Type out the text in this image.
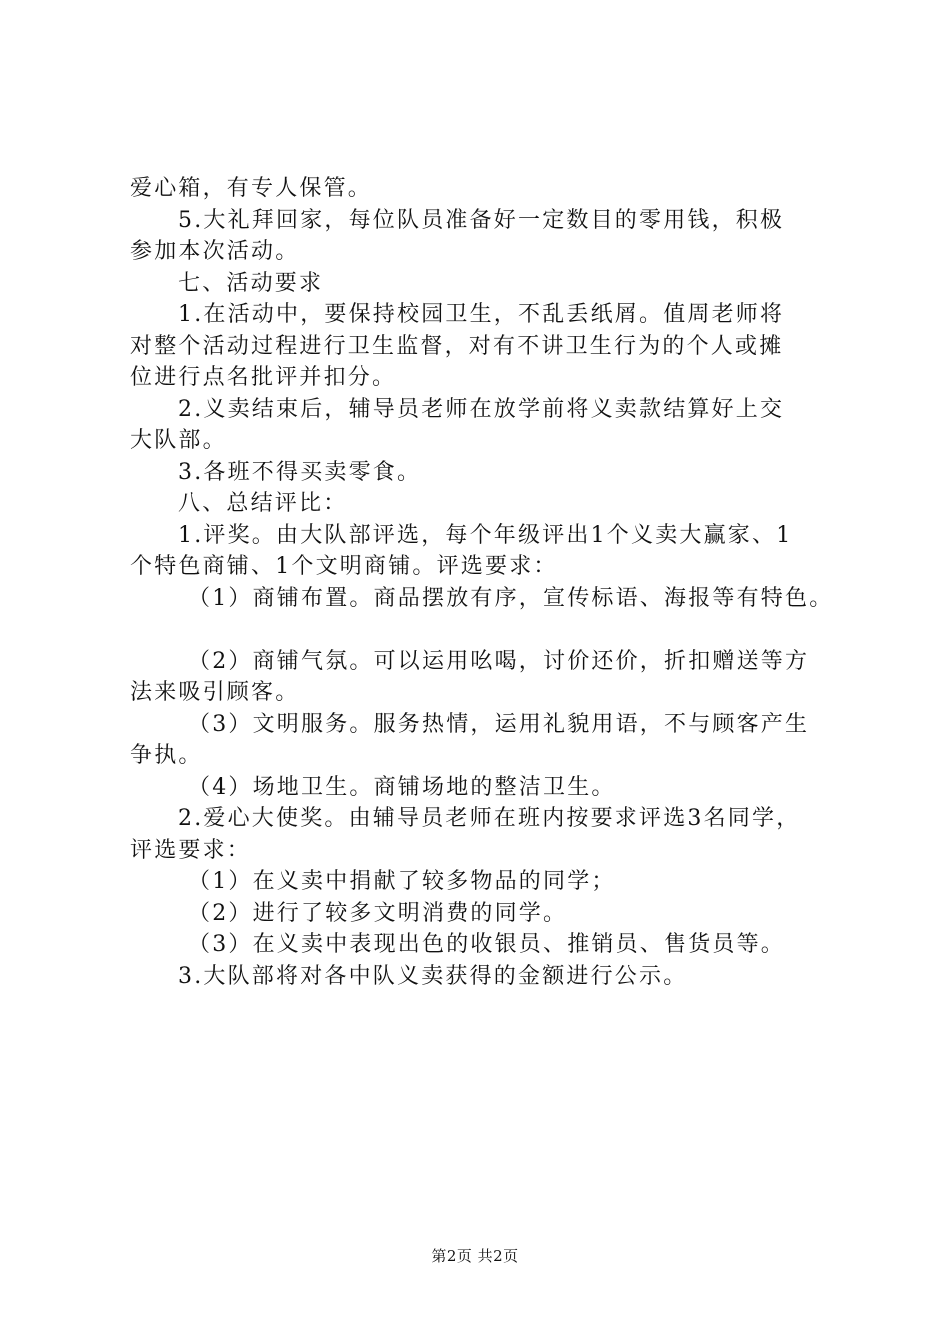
爱心箱，有专人保管。
5.大礼拜回家，每位队员准备好一定数目的零用钱，积极
参加本次活动。
七、活动要求
1.在活动中，要保持校园卫生，不乱丢纸屑。值周老师将
对整个活动过程进行卫生监督，对有不讲卫生行为的个人或摊
位进行点名批评并扣分。
2.义卖结束后，辅导员老师在放学前将义卖款结算好上交
大队部。
3.各班不得买卖零食。
八、总结评比：
1.评奖。由大队部评选，每个年级评出1个义卖大赢家、1
个特色商铺、1个文明商铺。评选要求：
（1）商铺布置。商品摆放有序，宣传标语、海报等有特色。
（2）商铺气氛。可以运用吆喝，讨价还价，折扣赠送等方
法来吸引顾客。
（3）文明服务。服务热情，运用礼貌用语，不与顾客产生
争执。
（4）场地卫生。商铺场地的整洁卫生。
2.爱心大使奖。由辅导员老师在班内按要求评选3名同学，
评选要求：
（1）在义卖中捐献了较多物品的同学；
（2）进行了较多文明消费的同学。
（3）在义卖中表现出色的收银员、推销员、售货员等。
3.大队部将对各中队义卖获得的金额进行公示。
第2页 共2页
